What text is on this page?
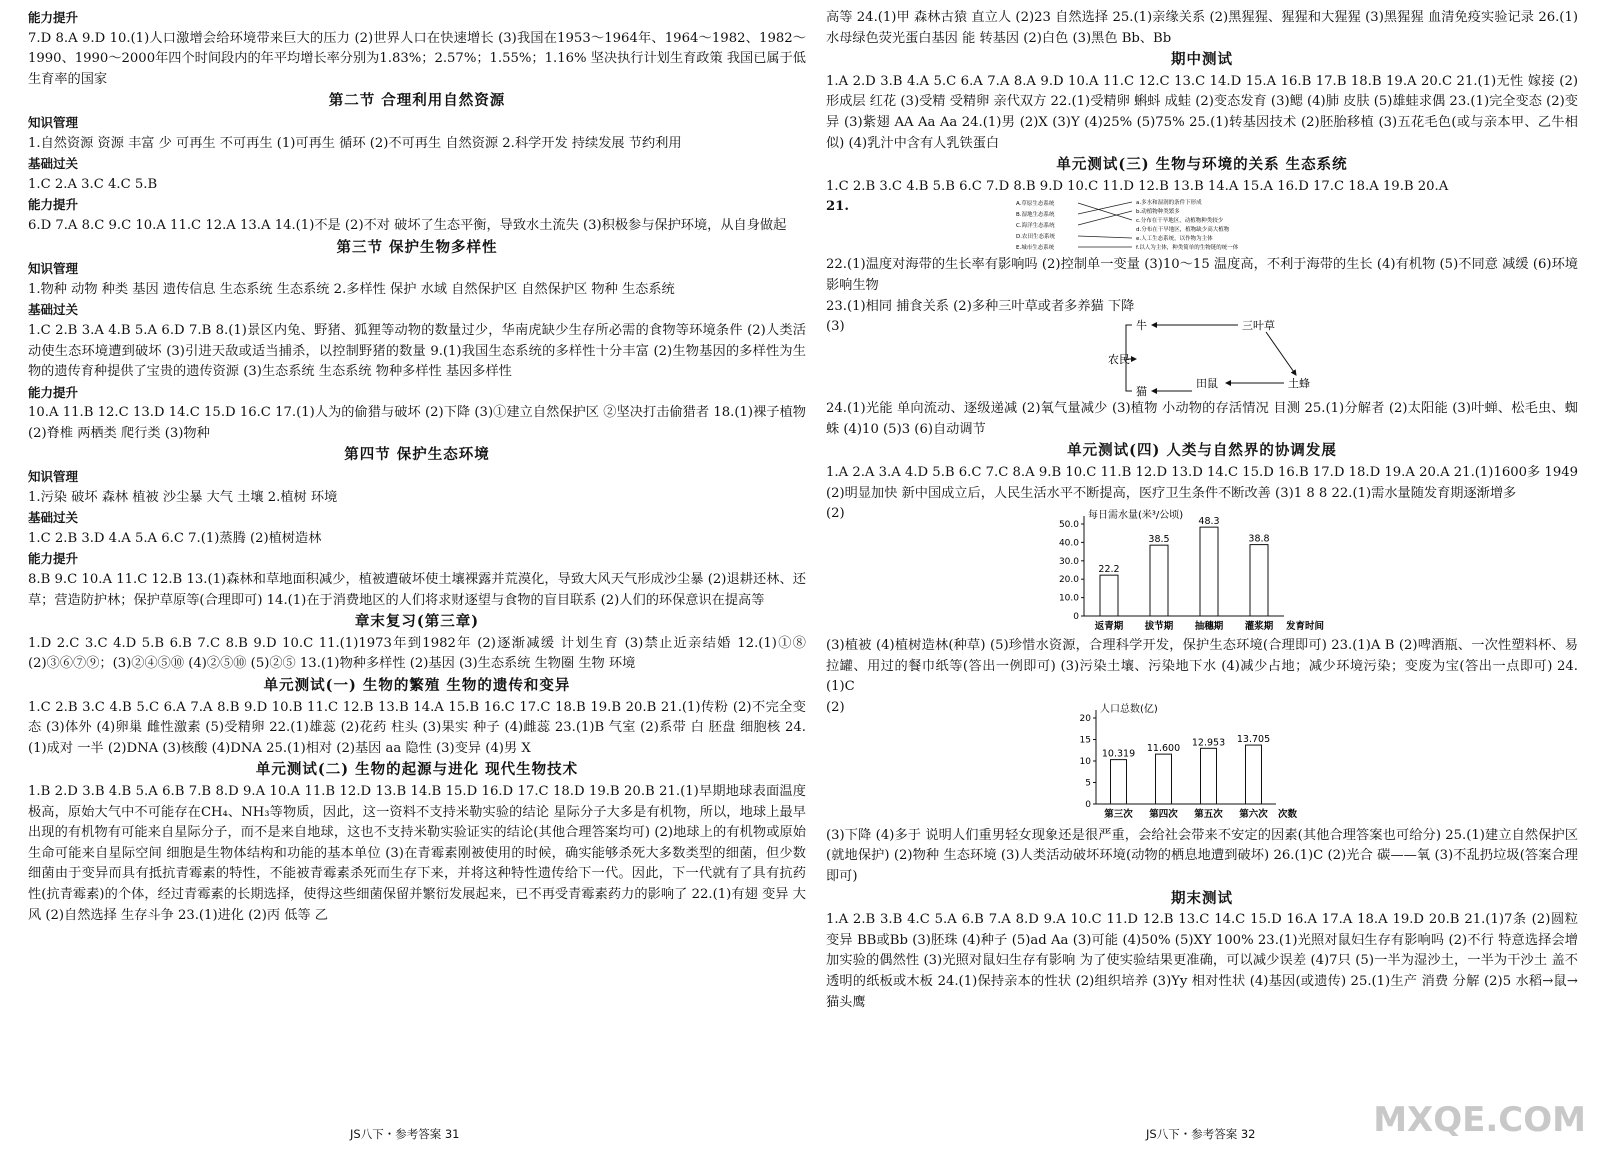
能力提升

7.D 8.A 9.D 10.(1)人口激增会给环境带来巨大的压力 (2)世界人口在快速增长 (3)我国在1953～1964年、1964～1982、1982～1990、1990～2000年四个时间段内的年平均增长率分别为1.83%；2.57%；1.55%；1.16% 坚决执行计划生育政策 我国已属于低生育率的国家

第二节 合理利用自然资源

知识管理

1.自然资源 资源 丰富 少 可再生 不可再生 (1)可再生 循环 (2)不可再生 自然资源 2.科学开发 持续发展 节约利用

基础过关

1.C 2.A 3.C 4.C 5.B

能力提升

6.D 7.A 8.C 9.C 10.A 11.C 12.A 13.A 14.(1)不是 (2)不对 破坏了生态平衡，导致水土流失 (3)积极参与保护环境，从自身做起

第三节 保护生物多样性

知识管理

1.物种 动物 种类 基因 遗传信息 生态系统 生态系统 2.多样性 保护 水域 自然保护区 自然保护区 物种 生态系统

基础过关

1.C 2.B 3.A 4.B 5.A 6.D 7.B 8.(1)景区内兔、野猪、狐狸等动物的数量过少，华南虎缺少生存所必需的食物等环境条件 (2)人类活动使生态环境遭到破坏 (3)引进天敌或适当捕杀，以控制野猪的数量 9.(1)我国生态系统的多样性十分丰富 (2)生物基因的多样性为生物的遗传育种提供了宝贵的遗传资源 (3)生态系统 生态系统 物种多样性 基因多样性

能力提升

10.A 11.B 12.C 13.D 14.C 15.D 16.C 17.(1)人为的偷猎与破坏 (2)下降 (3)①建立自然保护区 ②坚决打击偷猎者 18.(1)裸子植物 (2)脊椎 两栖类 爬行类 (3)物种

第四节 保护生态环境

知识管理

1.污染 破坏 森林 植被 沙尘暴 大气 土壤 2.植树 环境

基础过关

1.C 2.B 3.D 4.A 5.A 6.C 7.(1)蒸腾 (2)植树造林

能力提升

8.B 9.C 10.A 11.C 12.B 13.(1)森林和草地面积减少，植被遭破坏使土壤裸露并荒漠化，导致大风天气形成沙尘暴 (2)退耕还林、还草；营造防护林；保护草原等(合理即可) 14.(1)在于消费地区的人们将求财逐望与食物的盲目联系 (2)人们的环保意识在提高等

章末复习(第三章)

1.D 2.C 3.C 4.D 5.B 6.B 7.C 8.B 9.D 10.C 11.(1)1973年到1982年 (2)逐渐减缓 计划生育 (3)禁止近亲结婚 12.(1)①⑧ (2)③⑥⑦⑨；(3)②④⑤⑩ (4)②⑤⑩ (5)②⑤ 13.(1)物种多样性 (2)基因 (3)生态系统 生物圈 生物 环境

单元测试(一) 生物的繁殖 生物的遗传和变异

1.C 2.B 3.C 4.B 5.C 6.A 7.A 8.B 9.D 10.B 11.C 12.B 13.B 14.A 15.B 16.C 17.C 18.B 19.B 20.B 21.(1)传粉 (2)不完全变态 (3)体外 (4)卵巢 雌性激素 (5)受精卵 22.(1)雄蕊 (2)花药 柱头 (3)果实 种子 (4)雌蕊 23.(1)B 气室 (2)系带 白 胚盘 细胞核 24.(1)成对 一半 (2)DNA (3)核酸 (4)DNA 25.(1)相对 (2)基因 aa 隐性 (3)变异 (4)男 X

单元测试(二) 生物的起源与进化 现代生物技术

1.B 2.D 3.B 4.B 5.A 6.B 7.B 8.D 9.A 10.A 11.B 12.D 13.B 14.B 15.D 16.D 17.C 18.D 19.B 20.B 21.(1)早期地球表面温度极高，原始大气中不可能存在CH₄、NH₃等物质，因此，这一资料不支持米勒实验的结论 星际分子大多是有机物，所以，地球上最早出现的有机物有可能来自星际分子，而不是来自地球，这也不支持米勒实验证实的结论(其他合理答案均可) (2)地球上的有机物或原始生命可能来自星际空间 细胞是生物体结构和功能的基本单位 (3)在青霉素刚被使用的时候，确实能够杀死大多数类型的细菌，但少数细菌由于变异而具有抵抗青霉素的特性，不能被青霉素杀死而生存下来，并将这种特性遗传给下一代。因此，下一代就有了具有抗药性(抗青霉素)的个体，经过青霉素的长期选择，使得这些细菌保留并繁衍发展起来，已不再受青霉素药力的影响了 22.(1)有翅 变异 大风 (2)自然选择 生存斗争 23.(1)进化 (2)丙 低等 乙

JS八下・参考答案 31

高等 24.(1)甲 森林古猿 直立人 (2)23 自然选择 25.(1)亲缘关系 (2)黑猩猩、猩猩和大猩猩 (3)黑猩猩 血清免疫实验记录 26.(1)水母绿色荧光蛋白基因 能 转基因 (2)白色 (3)黑色 Bb、Bb

期中测试

1.A 2.D 3.B 4.A 5.C 6.A 7.A 8.A 9.D 10.A 11.C 12.C 13.C 14.D 15.A 16.B 17.B 18.B 19.A 20.C 21.(1)无性 嫁接 (2)形成层 红花 (3)受精 受精卵 亲代双方 22.(1)受精卵 蝌蚪 成蛙 (2)变态发育 (3)鳃 (4)肺 皮肤 (5)雄蛙求偶 23.(1)完全变态 (2)变异 (3)紫翅 AA Aa Aa 24.(1)男 (2)X (3)Y (4)25% (5)75% 25.(1)转基因技术 (2)胚胎移植 (3)五花毛色(或与亲本甲、乙牛相似) (4)乳汁中含有人乳铁蛋白

单元测试(三) 生物与环境的关系 生态系统

1.C 2.B 3.C 4.B 5.B 6.C 7.D 8.B 9.D 10.C 11.D 12.B 13.B 14.A 15.A 16.D 17.C 18.A 19.B 20.A

21.	A.草原生态系统
B.湿地生态系统
C.海洋生态系统
D.农田生态系统
E.城市生态系统
a.多水和湿润的条件下形成
b.动植物种类繁多
c.分布在干旱地区，动植物种类较少
d.分布在干旱地区，植物缺少高大植物
e.人工生态系统，以作物为主体
f.以人为主体，种类简单的生物链的统一体

22.(1)温度对海带的生长率有影响吗 (2)控制单一变量 (3)10～15 温度高，不利于海带的生长 (4)有机物 (5)不同意 减缓 (6)环境影响生物

23.(1)相同 捕食关系 (2)多种三叶草或者多养猫 下降

(3)	牛	三叶草
农民
田鼠	土蜂
猫

24.(1)光能 单向流动、逐级递减 (2)氧气量减少 (3)植物 小动物的存活情况 目测 25.(1)分解者 (2)太阳能 (3)叶蝉、松毛虫、蜘蛛 (4)10 (5)3 (6)自动调节

单元测试(四) 人类与自然界的协调发展

1.A 2.A 3.A 4.D 5.B 6.C 7.C 8.A 9.B 10.C 11.B 12.D 13.D 14.C 15.D 16.B 17.D 18.D 19.A 20.A 21.(1)1600多 1949 (2)明显加快 新中国成立后，人民生活水平不断提高，医疗卫生条件不断改善 (3)1 8 8 22.(1)需水量随发育期逐渐增多

(2)	每日需水量(米³/公顷)
0
10.0
20.0
30.0
40.0
50.0
22.2
返青期
38.5
拔节期
48.3
抽穗期
38.8
灌浆期 发育时间

(3)植被 (4)植树造林(种草) (5)珍惜水资源，合理科学开发，保护生态环境(合理即可) 23.(1)A B (2)啤酒瓶、一次性塑料杯、易拉罐、用过的餐巾纸等(答出一例即可) (3)污染土壤、污染地下水 (4)减少占地；减少环境污染；变废为宝(答出一点即可) 24.(1)C

(2)	人口总数(亿)
0
5
10
15
20
10.319
第三次
11.600
第四次
12.953
第五次
13.705
第六次 次数

(3)下降 (4)多于 说明人们重男轻女现象还是很严重，会给社会带来不安定的因素(其他合理答案也可给分) 25.(1)建立自然保护区(就地保护) (2)物种 生态环境 (3)人类活动破坏环境(动物的栖息地遭到破坏) 26.(1)C (2)光合 碳——氧 (3)不乱扔垃圾(答案合理即可)

期末测试

1.A 2.B 3.B 4.C 5.A 6.B 7.A 8.D 9.A 10.C 11.D 12.B 13.C 14.C 15.D 16.A 17.A 18.A 19.D 20.B 21.(1)7条 (2)圆粒 变异 BB或Bb (3)胚珠 (4)种子 (5)ad Aa (3)可能 (4)50% (5)XY 100% 23.(1)光照对鼠妇生存有影响吗 (2)不行 特意选择会增加实验的偶然性 (3)光照对鼠妇生存有影响 为了使实验结果更准确，可以减少误差 (4)7只 (5)一半为湿沙土，一半为干沙土 盖不透明的纸板或木板 24.(1)保持亲本的性状 (2)组织培养 (3)Yy 相对性状 (4)基因(或遗传) 25.(1)生产 消费 分解 (2)5 水稻→鼠→猫头鹰

JS八下・参考答案 32	MXQE.COM
